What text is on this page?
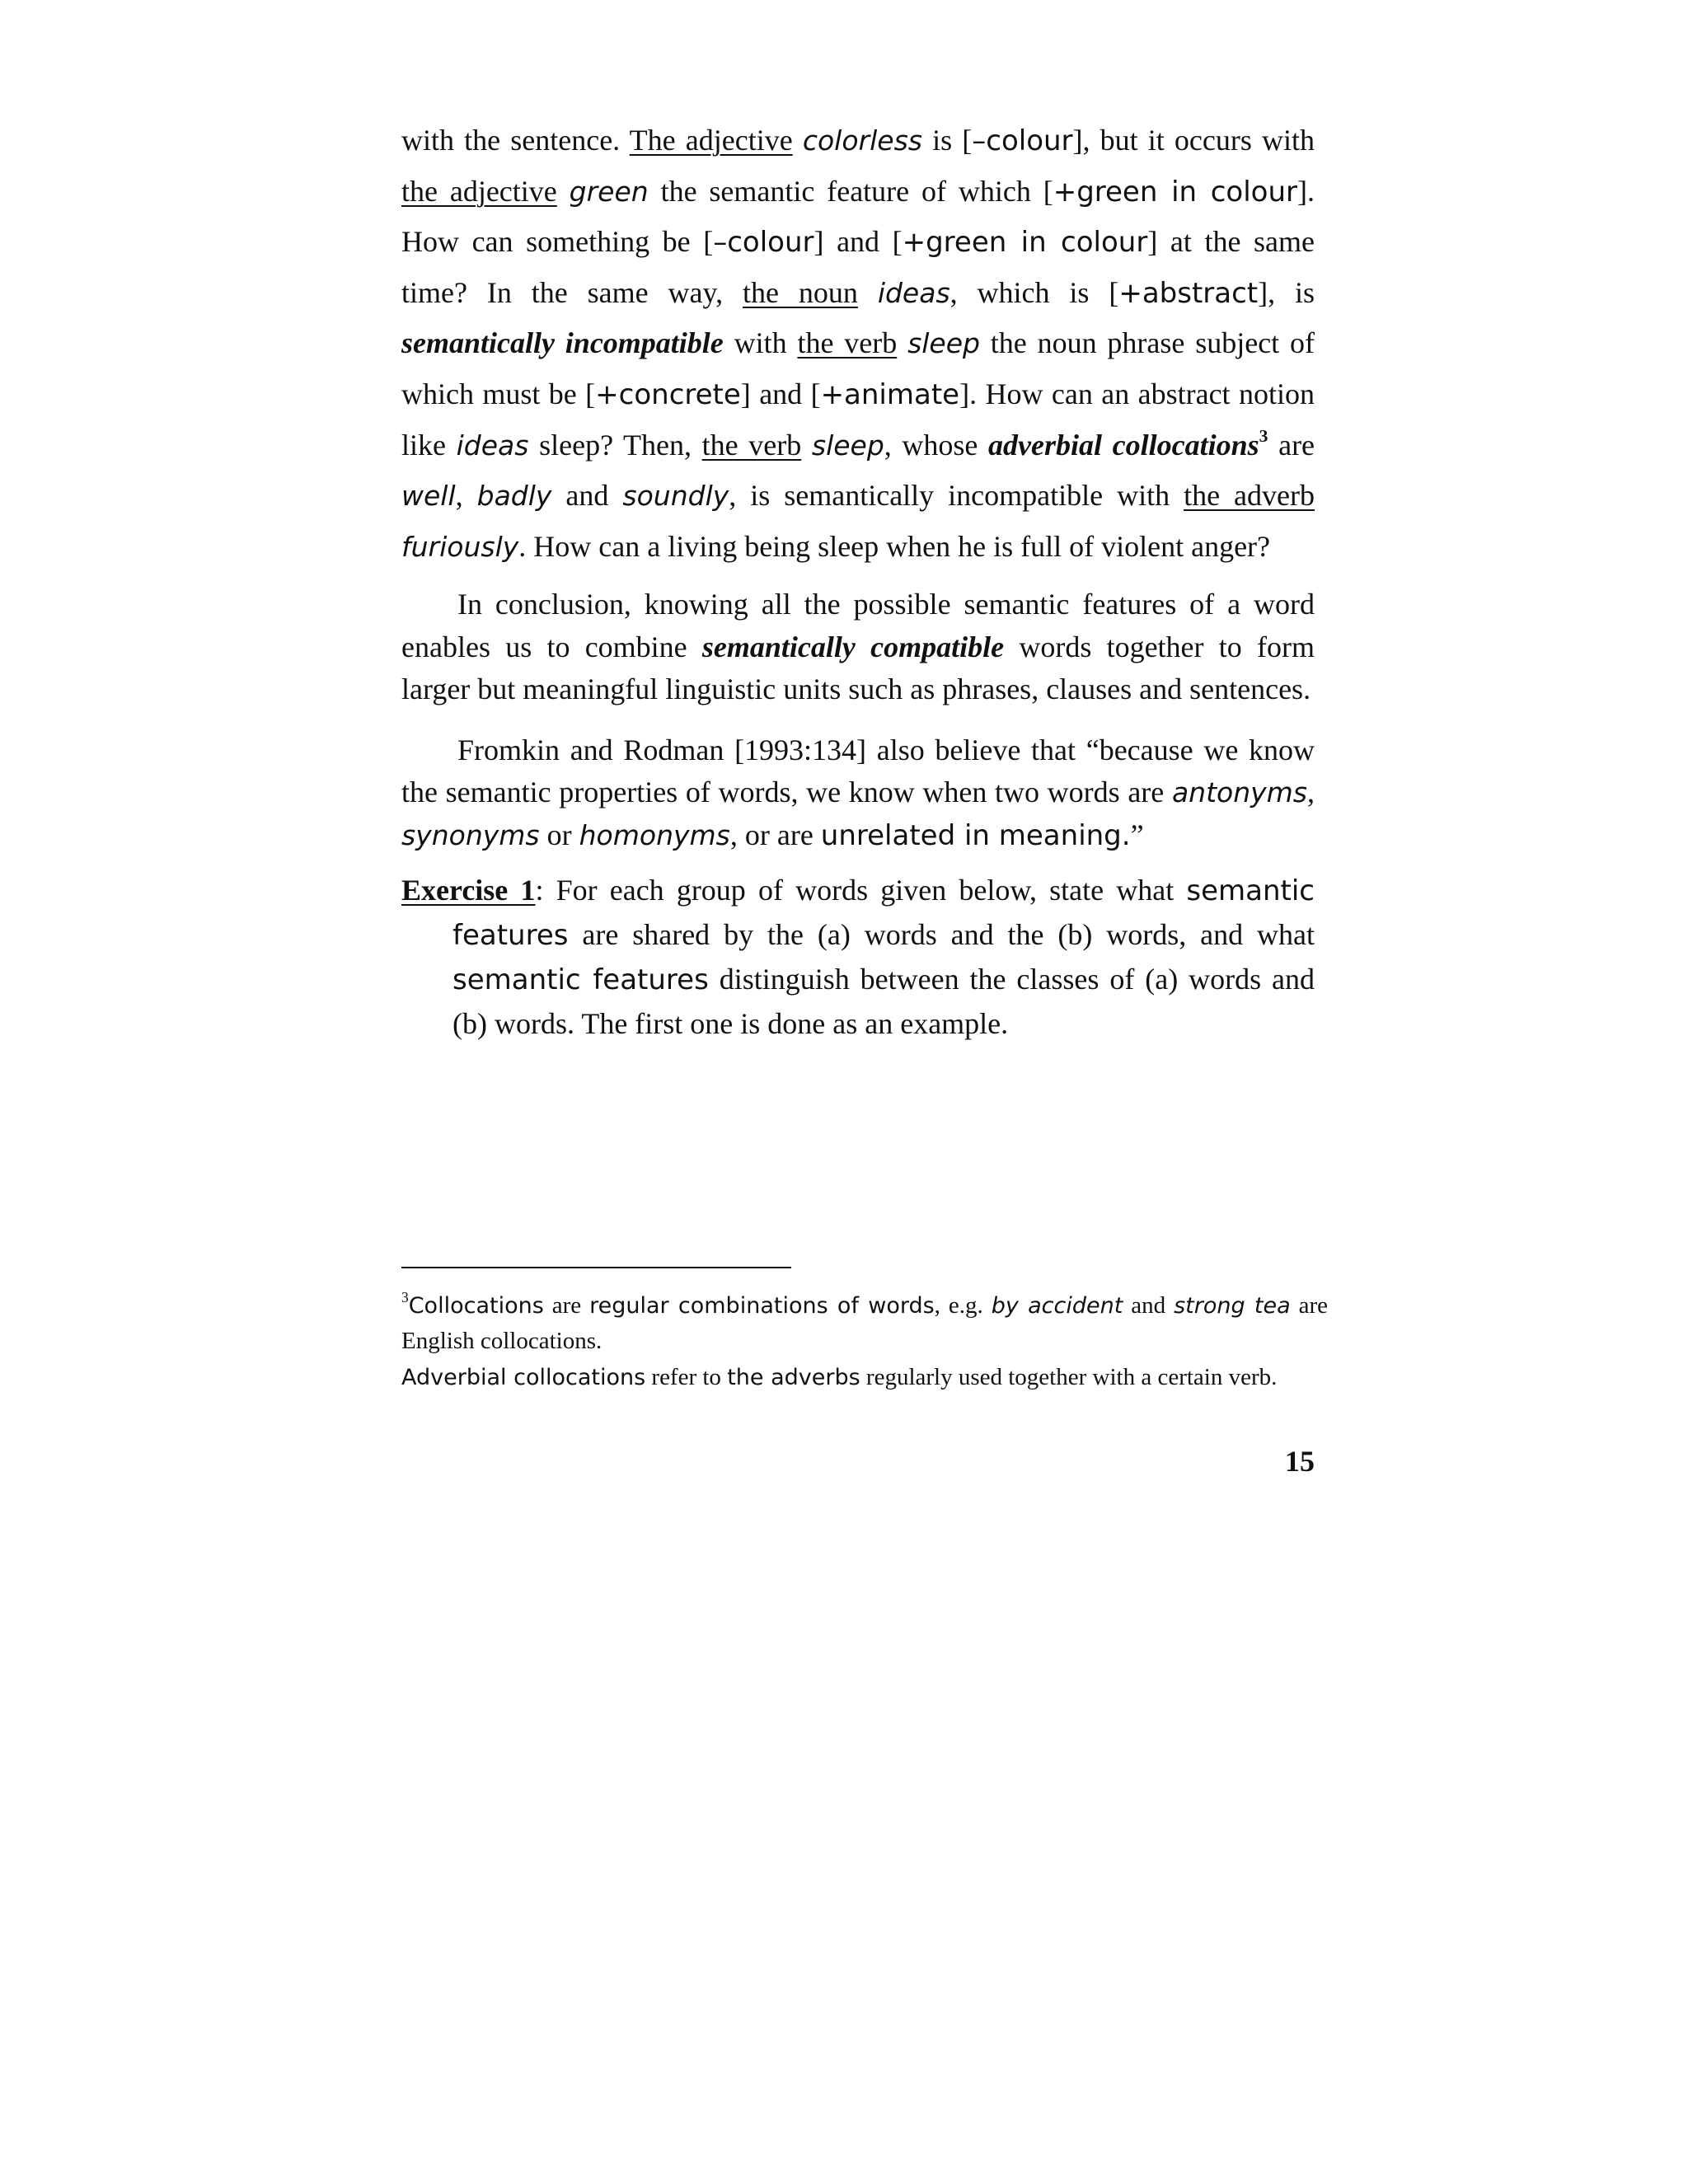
with the sentence. The adjective colorless is [–colour], but it occurs with the adjective green the semantic feature of which [+green in colour]. How can something be [–colour] and [+green in colour] at the same time? In the same way, the noun ideas, which is [+abstract], is semantically incompatible with the verb sleep the noun phrase subject of which must be [+concrete] and [+animate]. How can an abstract notion like ideas sleep? Then, the verb sleep, whose adverbial collocations$^3$ are well, badly and soundly, is semantically incompatible with the adverb furiously. How can a living being sleep when he is full of violent anger?

In conclusion, knowing all the possible semantic features of a word enables us to combine semantically compatible words together to form larger but meaningful linguistic units such as phrases, clauses and sentences.

Fromkin and Rodman [1993:134] also believe that “because we know the semantic properties of words, we know when two words are antonyms, synonyms or homonyms, or are unrelated in meaning.”

Exercise 1: For each group of words given below, state what semantic features are shared by the (a) words and the (b) words, and what semantic features distinguish between the classes of (a) words and (b) words. The first one is done as an example.

$^3$Collocations are regular combinations of words, e.g. by accident and strong tea are English collocations.

Adverbial collocations refer to the adverbs regularly used together with a certain verb.

15
